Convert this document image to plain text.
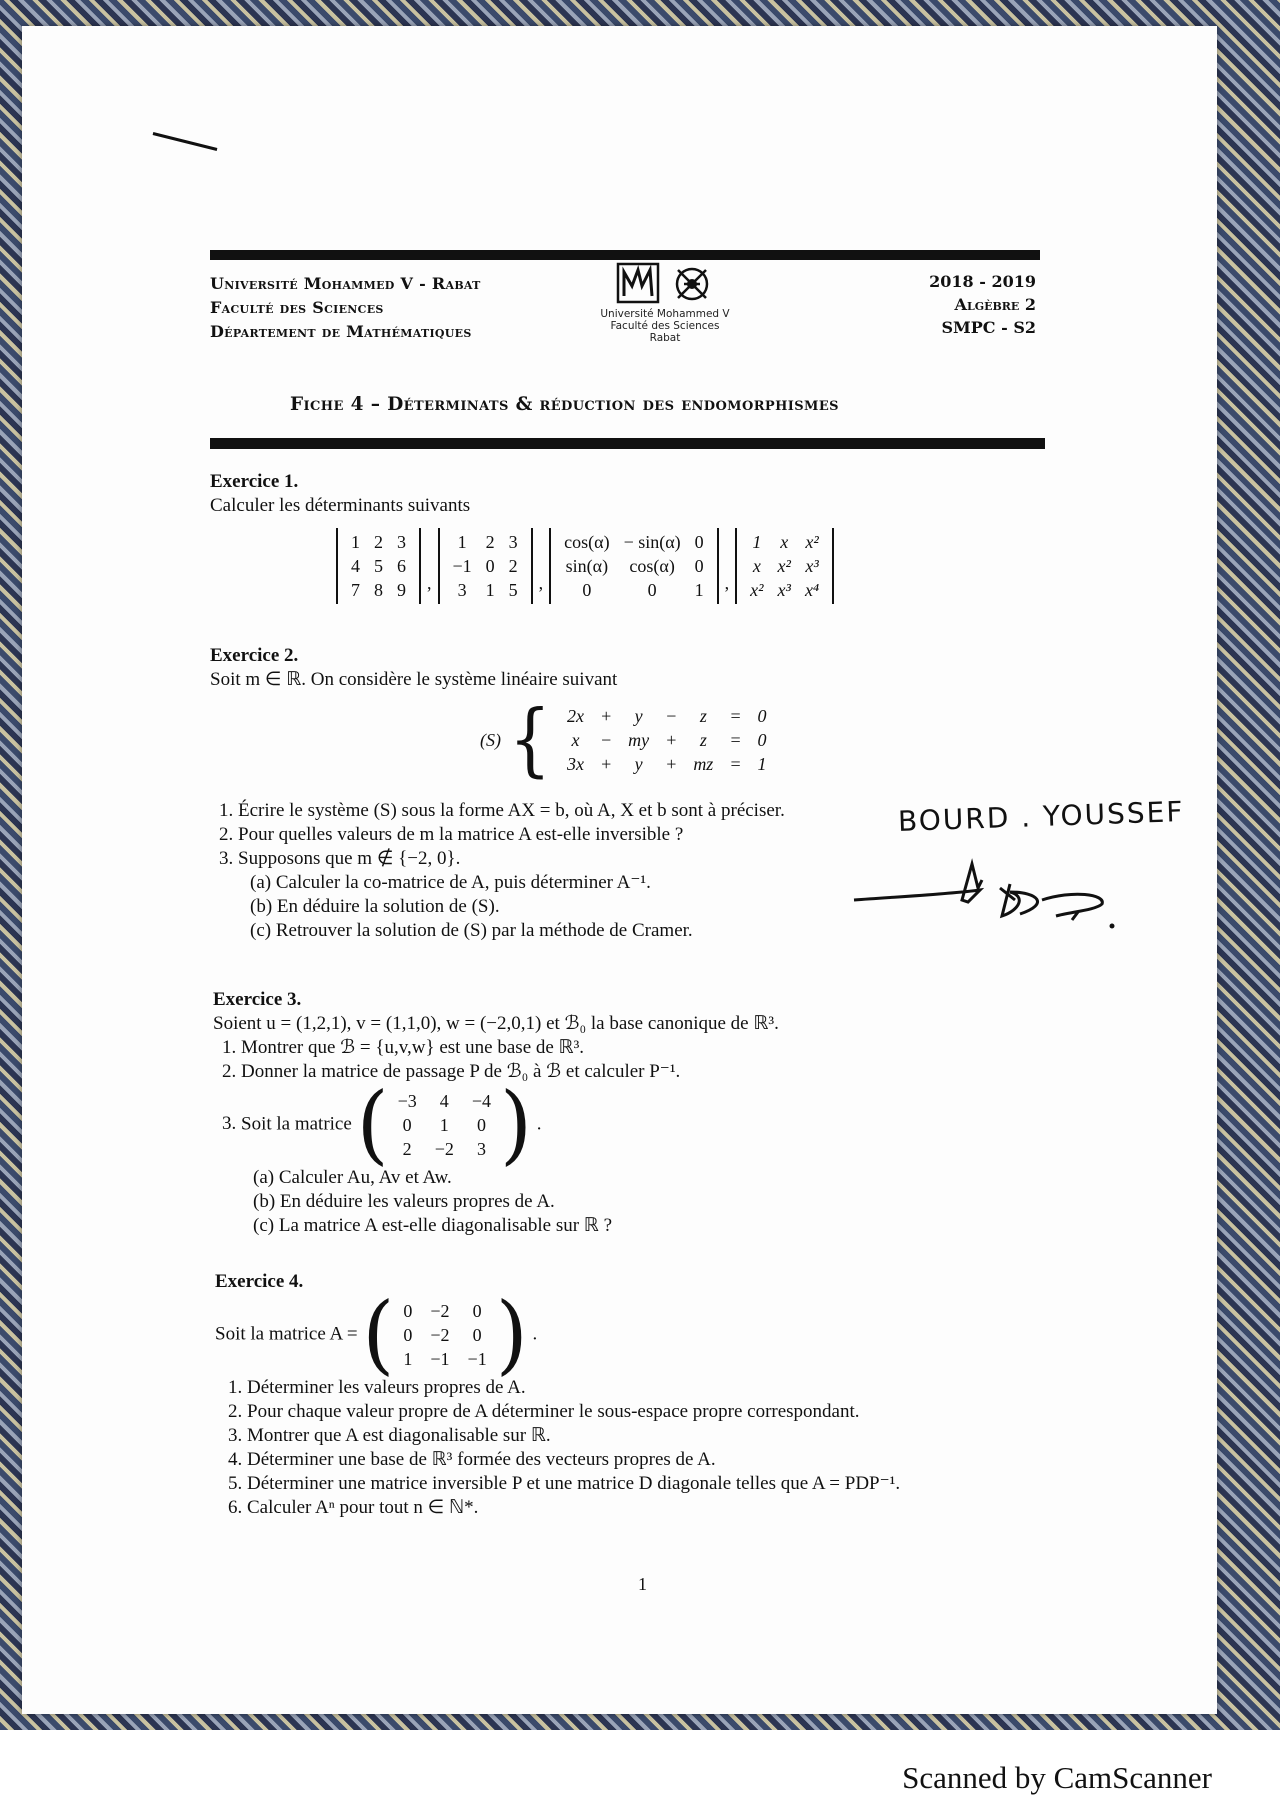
Université Mohammed V - Rabat
Faculté des Sciences
Département de Mathématiques
Université Mohammed V
Faculté des Sciences
Rabat
2018 - 2019
Algèbre 2
SMPC - S2
Fiche 4 – Déterminats & réduction des endomorphismes
Exercice 1.
Calculer les déterminants suivants
1	2	3
4	5	6
7	8	9 ,
1	2	3
−1	0	2
3	1	5 ,
cos(α)	− sin(α)	0
sin(α)	cos(α)	0
0	0	1 ,
1	x	x²
x	x²	x³
x²	x³	x⁴
Exercice 2.
Soit m ∈ ℝ. On considère le système linéaire suivant
(S) { 2x	+	y	−	z	=	0
x	−	my	+	z	=	0
3x	+	y	+	mz	=	1
1. Écrire le système (S) sous la forme AX = b, où A, X et b sont à préciser.
2. Pour quelles valeurs de m la matrice A est-elle inversible ?
3. Supposons que m ∉ {−2, 0}.
(a) Calculer la co-matrice de A, puis déterminer A⁻¹.
(b) En déduire la solution de (S).
(c) Retrouver la solution de (S) par la méthode de Cramer.
BOURD . YOUSSEF
Exercice 3.
Soient u = (1,2,1), v = (1,1,0), w = (−2,0,1) et ℬ₀ la base canonique de ℝ³.
1. Montrer que ℬ = {u,v,w} est une base de ℝ³.
2. Donner la matrice de passage P de ℬ₀ à ℬ et calculer P⁻¹.
3. Soit la matrice ( −3	4	−4
0	1	0
2	−2	3 ) .
(a) Calculer Au, Av et Aw.
(b) En déduire les valeurs propres de A.
(c) La matrice A est-elle diagonalisable sur ℝ ?
Exercice 4.
Soit la matrice A = ( 0	−2	0
0	−2	0
1	−1	−1 ) .
1. Déterminer les valeurs propres de A.
2. Pour chaque valeur propre de A déterminer le sous-espace propre correspondant.
3. Montrer que A est diagonalisable sur ℝ.
4. Déterminer une base de ℝ³ formée des vecteurs propres de A.
5. Déterminer une matrice inversible P et une matrice D diagonale telles que A = PDP⁻¹.
6. Calculer Aⁿ pour tout n ∈ ℕ*.
1
Scanned by CamScanner
